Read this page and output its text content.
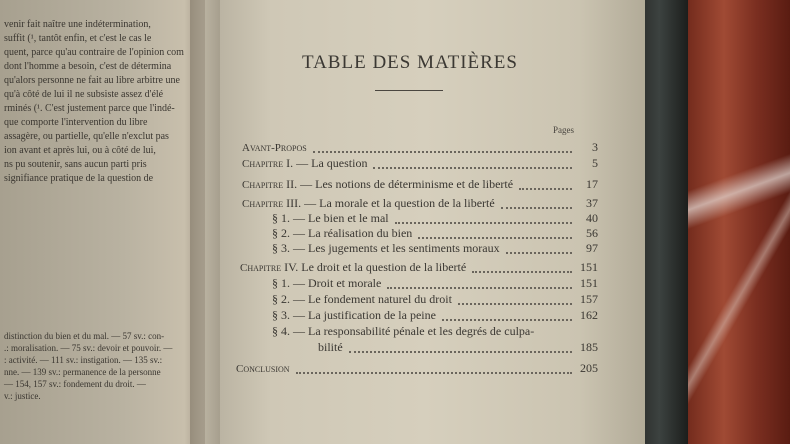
venir fait naître une indétermination,
suffit (¹, tantôt enfin, et c'est le cas le
quent, parce qu'au contraire de l'opinion com
dont l'homme a besoin, c'est de détermina
qu'alors personne ne fait au libre arbitre une
qu'à côté de lui il ne subsiste assez d'élé
rminés (¹. C'est justement parce que l'indé-
que comporte l'intervention du libre
assagère, ou partielle, qu'elle n'exclut pas
ion avant et après lui, ou à côté de lui,
ns pu soutenir, sans aucun parti pris
signifiance pratique de la question de
distinction du bien et du mal. — 57 sv.: con-
.: moralisation. — 75 sv.: devoir et pouvoir. —
: activité. — 111 sv.: instigation. — 135 sv.:
nne. — 139 sv.: permanence de la personne
— 154, 157 sv.: fondement du droit. —
v.: justice.
TABLE DES MATIÈRES
Pages
Avant-Propos	3
Chapitre I. — La question	5
Chapitre II. — Les notions de déterminisme et de liberté	17
Chapitre III. — La morale et la question de la liberté	37
§ 1. — Le bien et le mal	40
§ 2. — La réalisation du bien	56
§ 3. — Les jugements et les sentiments moraux	97
Chapitre IV. Le droit et la question de la liberté	151
§ 1. — Droit et morale	151
§ 2. — Le fondement naturel du droit	157
§ 3. — La justification de la peine	162
§ 4. — La responsabilité pénale et les degrés de culpa-
bilité	185
Conclusion	205
